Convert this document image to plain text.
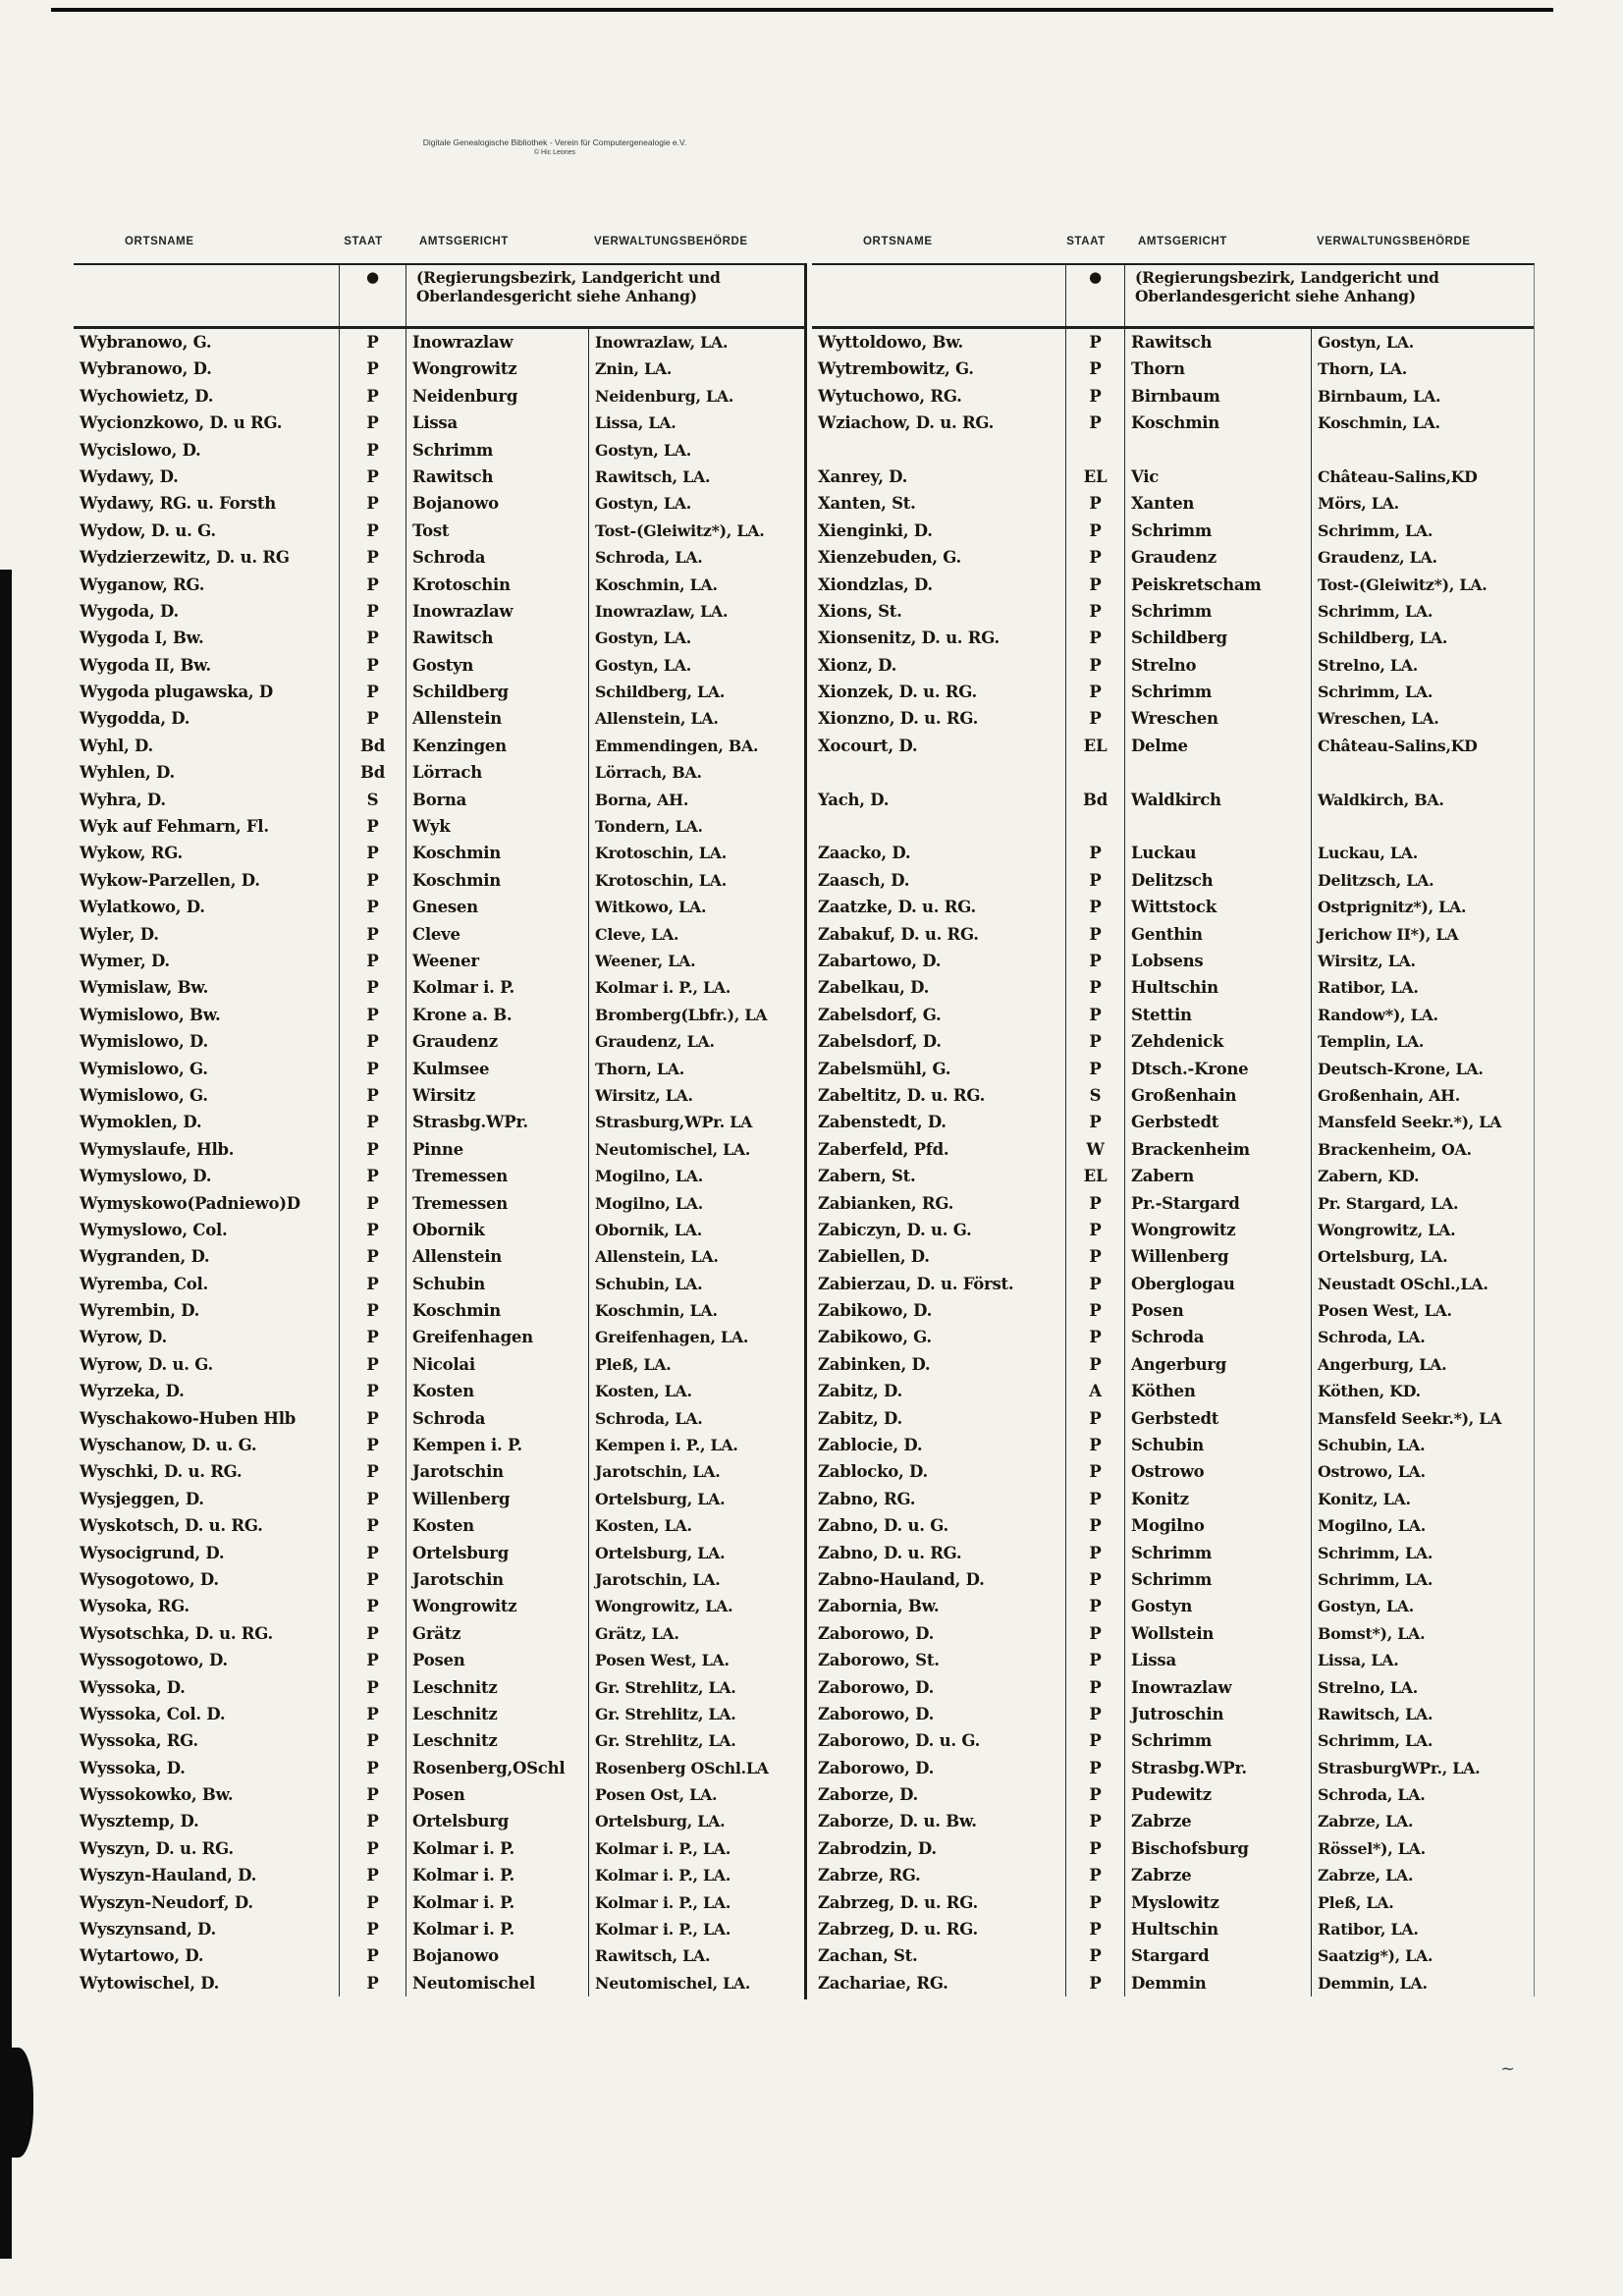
~
Digitale Genealogische Bibliothek - Verein für Computergenealogie e.V.
© Hic Leones
ORTSNAME	STAAT	AMTSGERICHT	VERWALTUNGSBEHÖRDE	ORTSNAME	STAAT	AMTSGERICHT	VERWALTUNGSBEHÖRDE
●	(Regierungsbezirk, Landgericht und Oberlandesgericht siehe Anhang)
Wybranowo, G.	P	Inowrazlaw	Inowrazlaw, LA.
Wybranowo, D.	P	Wongrowitz	Znin, LA.
Wychowietz, D.	P	Neidenburg	Neidenburg, LA.
Wycionzkowo, D. u RG.	P	Lissa	Lissa, LA.
Wycislowo, D.	P	Schrimm	Gostyn, LA.
Wydawy, D.	P	Rawitsch	Rawitsch, LA.
Wydawy, RG. u. Forsth	P	Bojanowo	Gostyn, LA.
Wydow, D. u. G.	P	Tost	Tost-(Gleiwitz*), LA.
Wydzierzewitz, D. u. RG	P	Schroda	Schroda, LA.
Wyganow, RG.	P	Krotoschin	Koschmin, LA.
Wygoda, D.	P	Inowrazlaw	Inowrazlaw, LA.
Wygoda I, Bw.	P	Rawitsch	Gostyn, LA.
Wygoda II, Bw.	P	Gostyn	Gostyn, LA.
Wygoda plugawska, D	P	Schildberg	Schildberg, LA.
Wygodda, D.	P	Allenstein	Allenstein, LA.
Wyhl, D.	Bd	Kenzingen	Emmendingen, BA.
Wyhlen, D.	Bd	Lörrach	Lörrach, BA.
Wyhra, D.	S	Borna	Borna, AH.
Wyk auf Fehmarn, Fl.	P	Wyk	Tondern, LA.
Wykow, RG.	P	Koschmin	Krotoschin, LA.
Wykow-Parzellen, D.	P	Koschmin	Krotoschin, LA.
Wylatkowo, D.	P	Gnesen	Witkowo, LA.
Wyler, D.	P	Cleve	Cleve, LA.
Wymer, D.	P	Weener	Weener, LA.
Wymislaw, Bw.	P	Kolmar i. P.	Kolmar i. P., LA.
Wymislowo, Bw.	P	Krone a. B.	Bromberg(Lbfr.), LA
Wymislowo, D.	P	Graudenz	Graudenz, LA.
Wymislowo, G.	P	Kulmsee	Thorn, LA.
Wymislowo, G.	P	Wirsitz	Wirsitz, LA.
Wymoklen, D.	P	Strasbg.WPr.	Strasburg,WPr. LA
Wymyslaufe, Hlb.	P	Pinne	Neutomischel, LA.
Wymyslowo, D.	P	Tremessen	Mogilno, LA.
Wymyskowo(Padniewo)D	P	Tremessen	Mogilno, LA.
Wymyslowo, Col.	P	Obornik	Obornik, LA.
Wygranden, D.	P	Allenstein	Allenstein, LA.
Wyremba, Col.	P	Schubin	Schubin, LA.
Wyrembin, D.	P	Koschmin	Koschmin, LA.
Wyrow, D.	P	Greifenhagen	Greifenhagen, LA.
Wyrow, D. u. G.	P	Nicolai	Pleß, LA.
Wyrzeka, D.	P	Kosten	Kosten, LA.
Wyschakowo-Huben Hlb	P	Schroda	Schroda, LA.
Wyschanow, D. u. G.	P	Kempen i. P.	Kempen i. P., LA.
Wyschki, D. u. RG.	P	Jarotschin	Jarotschin, LA.
Wysjeggen, D.	P	Willenberg	Ortelsburg, LA.
Wyskotsch, D. u. RG.	P	Kosten	Kosten, LA.
Wysocigrund, D.	P	Ortelsburg	Ortelsburg, LA.
Wysogotowo, D.	P	Jarotschin	Jarotschin, LA.
Wysoka, RG.	P	Wongrowitz	Wongrowitz, LA.
Wysotschka, D. u. RG.	P	Grätz	Grätz, LA.
Wyssogotowo, D.	P	Posen	Posen West, LA.
Wyssoka, D.	P	Leschnitz	Gr. Strehlitz, LA.
Wyssoka, Col. D.	P	Leschnitz	Gr. Strehlitz, LA.
Wyssoka, RG.	P	Leschnitz	Gr. Strehlitz, LA.
Wyssoka, D.	P	Rosenberg,OSchl	Rosenberg OSchl.LA
Wyssokowko, Bw.	P	Posen	Posen Ost, LA.
Wysztemp, D.	P	Ortelsburg	Ortelsburg, LA.
Wyszyn, D. u. RG.	P	Kolmar i. P.	Kolmar i. P., LA.
Wyszyn-Hauland, D.	P	Kolmar i. P.	Kolmar i. P., LA.
Wyszyn-Neudorf, D.	P	Kolmar i. P.	Kolmar i. P., LA.
Wyszynsand, D.	P	Kolmar i. P.	Kolmar i. P., LA.
Wytartowo, D.	P	Bojanowo	Rawitsch, LA.
Wytowischel, D.	P	Neutomischel	Neutomischel, LA.
●	(Regierungsbezirk, Landgericht und Oberlandesgericht siehe Anhang)
Wyttoldowo, Bw.	P	Rawitsch	Gostyn, LA.
Wytrembowitz, G.	P	Thorn	Thorn, LA.
Wytuchowo, RG.	P	Birnbaum	Birnbaum, LA.
Wziachow, D. u. RG.	P	Koschmin	Koschmin, LA.
Xanrey, D.	EL	Vic	Château-Salins,KD
Xanten, St.	P	Xanten	Mörs, LA.
Xienginki, D.	P	Schrimm	Schrimm, LA.
Xienzebuden, G.	P	Graudenz	Graudenz, LA.
Xiondzlas, D.	P	Peiskretscham	Tost-(Gleiwitz*), LA.
Xions, St.	P	Schrimm	Schrimm, LA.
Xionsenitz, D. u. RG.	P	Schildberg	Schildberg, LA.
Xionz, D.	P	Strelno	Strelno, LA.
Xionzek, D. u. RG.	P	Schrimm	Schrimm, LA.
Xionzno, D. u. RG.	P	Wreschen	Wreschen, LA.
Xocourt, D.	EL	Delme	Château-Salins,KD
Yach, D.	Bd	Waldkirch	Waldkirch, BA.
Zaacko, D.	P	Luckau	Luckau, LA.
Zaasch, D.	P	Delitzsch	Delitzsch, LA.
Zaatzke, D. u. RG.	P	Wittstock	Ostprignitz*), LA.
Zabakuf, D. u. RG.	P	Genthin	Jerichow II*), LA
Zabartowo, D.	P	Lobsens	Wirsitz, LA.
Zabelkau, D.	P	Hultschin	Ratibor, LA.
Zabelsdorf, G.	P	Stettin	Randow*), LA.
Zabelsdorf, D.	P	Zehdenick	Templin, LA.
Zabelsmühl, G.	P	Dtsch.-Krone	Deutsch-Krone, LA.
Zabeltitz, D. u. RG.	S	Großenhain	Großenhain, AH.
Zabenstedt, D.	P	Gerbstedt	Mansfeld Seekr.*), LA
Zaberfeld, Pfd.	W	Brackenheim	Brackenheim, OA.
Zabern, St.	EL	Zabern	Zabern, KD.
Zabianken, RG.	P	Pr.-Stargard	Pr. Stargard, LA.
Zabiczyn, D. u. G.	P	Wongrowitz	Wongrowitz, LA.
Zabiellen, D.	P	Willenberg	Ortelsburg, LA.
Zabierzau, D. u. Först.	P	Oberglogau	Neustadt OSchl.,LA.
Zabikowo, D.	P	Posen	Posen West, LA.
Zabikowo, G.	P	Schroda	Schroda, LA.
Zabinken, D.	P	Angerburg	Angerburg, LA.
Zabitz, D.	A	Köthen	Köthen, KD.
Zabitz, D.	P	Gerbstedt	Mansfeld Seekr.*), LA
Zablocie, D.	P	Schubin	Schubin, LA.
Zablocko, D.	P	Ostrowo	Ostrowo, LA.
Zabno, RG.	P	Konitz	Konitz, LA.
Zabno, D. u. G.	P	Mogilno	Mogilno, LA.
Zabno, D. u. RG.	P	Schrimm	Schrimm, LA.
Zabno-Hauland, D.	P	Schrimm	Schrimm, LA.
Zabornia, Bw.	P	Gostyn	Gostyn, LA.
Zaborowo, D.	P	Wollstein	Bomst*), LA.
Zaborowo, St.	P	Lissa	Lissa, LA.
Zaborowo, D.	P	Inowrazlaw	Strelno, LA.
Zaborowo, D.	P	Jutroschin	Rawitsch, LA.
Zaborowo, D. u. G.	P	Schrimm	Schrimm, LA.
Zaborowo, D.	P	Strasbg.WPr.	StrasburgWPr., LA.
Zaborze, D.	P	Pudewitz	Schroda, LA.
Zaborze, D. u. Bw.	P	Zabrze	Zabrze, LA.
Zabrodzin, D.	P	Bischofsburg	Rössel*), LA.
Zabrze, RG.	P	Zabrze	Zabrze, LA.
Zabrzeg, D. u. RG.	P	Myslowitz	Pleß, LA.
Zabrzeg, D. u. RG.	P	Hultschin	Ratibor, LA.
Zachan, St.	P	Stargard	Saatzig*), LA.
Zachariae, RG.	P	Demmin	Demmin, LA.
